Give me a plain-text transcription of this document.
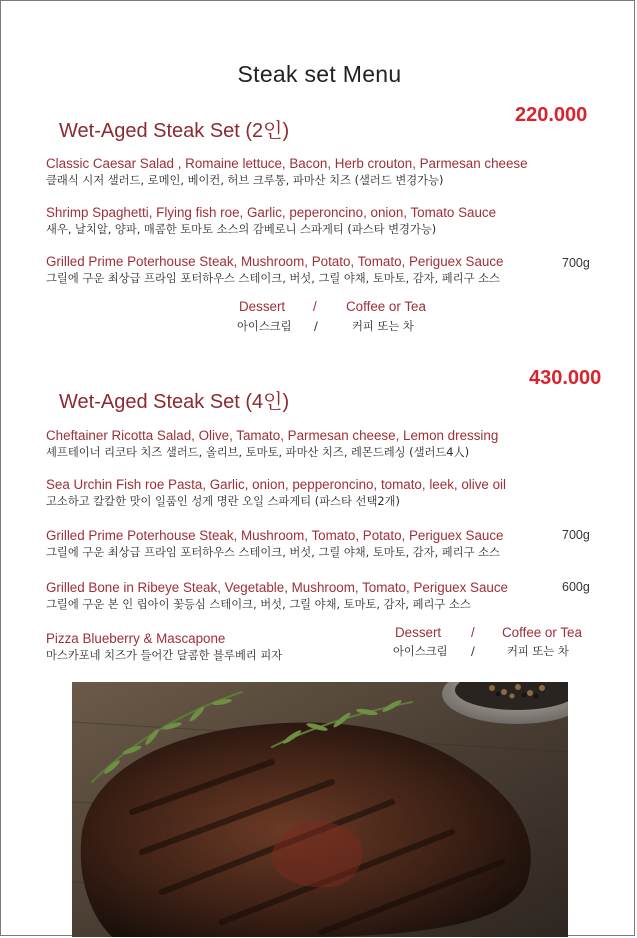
Steak set Menu
220.000
Wet-Aged Steak Set (2인)
Classic Caesar Salad , Romaine lettuce, Bacon, Herb crouton, Parmesan cheese
클래식 시저 샐러드, 로메인, 베이컨, 허브 크루통, 파마산 치즈 (샐러드 변경가능)
Shrimp Spaghetti, Flying fish roe, Garlic, peperoncino, onion, Tomato Sauce
새우, 날치알, 양파, 매콤한 토마토 소스의 감베로니 스파게티 (파스타 변경가능)
Grilled Prime Poterhouse Steak, Mushroom, Potato, Tomato, Periguex Sauce
그릴에 구운 최상급 프라임 포터하우스 스테이크, 버섯, 그릴 야채, 토마토, 감자, 페리구 소스
700g
Dessert / Coffee or Tea
아이스크림 /	커피 또는 차
430.000
Wet-Aged Steak Set (4인)
Cheftainer Ricotta Salad, Olive, Tamato, Parmesan cheese, Lemon dressing
셰프테이너 리코타 치즈 샐러드, 올리브, 토마토, 파마산 치즈, 레몬드레싱 (샐러드4人)
Sea Urchin Fish roe Pasta, Garlic, onion, pepperoncino, tomato, leek, olive oil
고소하고 칼칼한 맛이 일품인 성게 명란 오일 스파게티 (파스타 선택2개)
Grilled Prime Poterhouse Steak, Mushroom, Tomato, Potato, Periguex Sauce
그릴에 구운 최상급 프라임 포터하우스 스테이크, 버섯, 그릴 야채, 토마토, 감자, 페리구 소스
700g
Grilled Bone in Ribeye Steak, Vegetable, Mushroom, Tomato, Periguex Sauce
그릴에 구운 본 인 립아이 꽃등심 스테이크, 버섯, 그릴 야채, 토마토, 감자, 페리구 소스
600g
Pizza Blueberry & Mascapone
마스카포네 치즈가 들어간 달콤한 블루베리 피자
Dessert / Coffee or Tea
아이스크림 /	커피 또는 차
